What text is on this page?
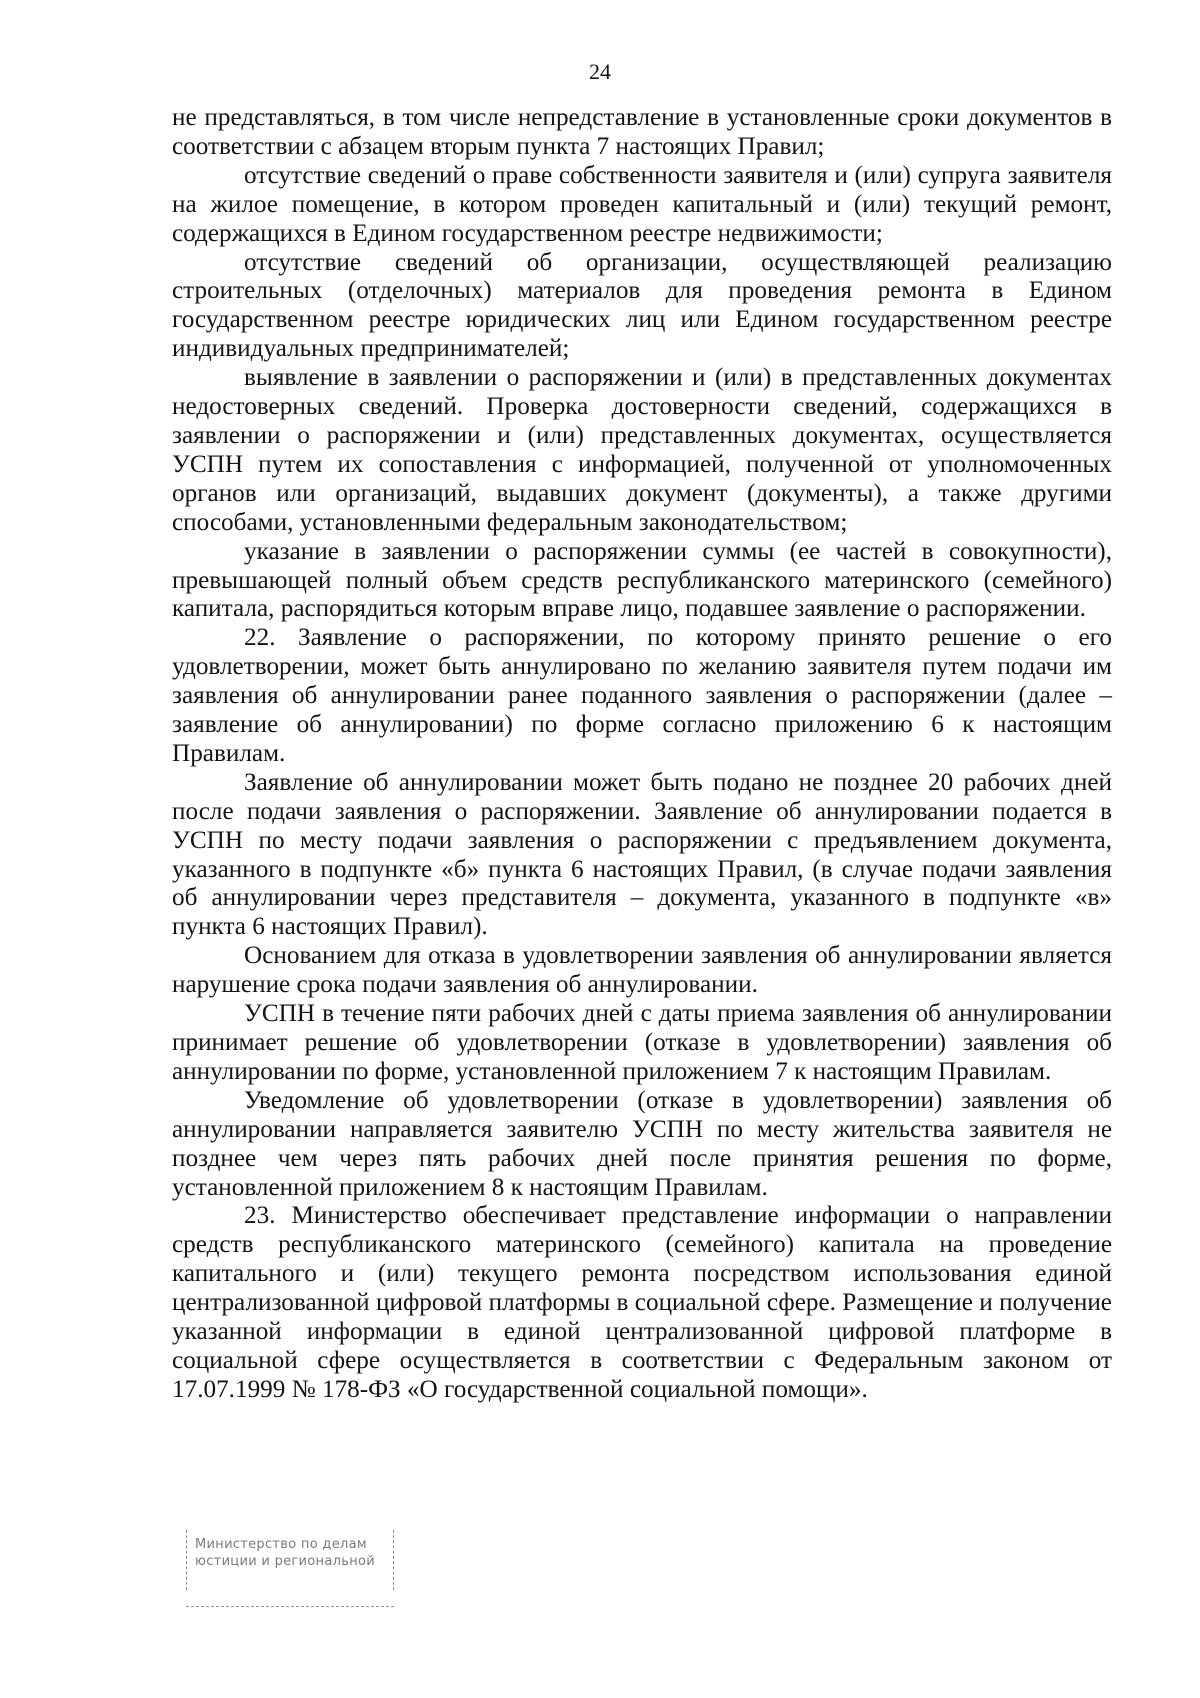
24

не представляться, в том числе непредставление в установленные сроки документов в соответствии с абзацем вторым пункта 7 настоящих Правил;

отсутствие сведений о праве собственности заявителя и (или) супруга заявителя на жилое помещение, в котором проведен капитальный и (или) текущий ремонт, содержащихся в Едином государственном реестре недвижимости;

отсутствие сведений об организации, осуществляющей реализацию строительных (отделочных) материалов для проведения ремонта в Едином государственном реестре юридических лиц или Едином государственном реестре индивидуальных предпринимателей;

выявление в заявлении о распоряжении и (или) в представленных документах недостоверных сведений. Проверка достоверности сведений, содержащихся в заявлении о распоряжении и (или) представленных документах, осуществляется УСПН путем их сопоставления с информацией, полученной от уполномоченных органов или организаций, выдавших документ (документы), а также другими способами, установленными федеральным законодательством;

указание в заявлении о распоряжении суммы (ее частей в совокупности), превышающей полный объем средств республиканского материнского (семейного) капитала, распорядиться которым вправе лицо, подавшее заявление о распоряжении.

22. Заявление о распоряжении, по которому принято решение о его удовлетворении, может быть аннулировано по желанию заявителя путем подачи им заявления об аннулировании ранее поданного заявления о распоряжении (далее – заявление об аннулировании) по форме согласно приложению 6 к настоящим Правилам.

Заявление об аннулировании может быть подано не позднее 20 рабочих дней после подачи заявления о распоряжении. Заявление об аннулировании подается в УСПН по месту подачи заявления о распоряжении с предъявлением документа, указанного в подпункте «б» пункта 6 настоящих Правил, (в случае подачи заявления об аннулировании через представителя – документа, указанного в подпункте «в» пункта 6 настоящих Правил).

Основанием для отказа в удовлетворении заявления об аннулировании является нарушение срока подачи заявления об аннулировании.

УСПН в течение пяти рабочих дней с даты приема заявления об аннулировании принимает решение об удовлетворении (отказе в удовлетворении) заявления об аннулировании по форме, установленной приложением 7 к настоящим Правилам.

Уведомление об удовлетворении (отказе в удовлетворении) заявления об аннулировании направляется заявителю УСПН по месту жительства заявителя не позднее чем через пять рабочих дней после принятия решения по форме, установленной приложением 8 к настоящим Правилам.

23. Министерство обеспечивает представление информации о направлении средств республиканского материнского (семейного) капитала на проведение капитального и (или) текущего ремонта посредством использования единой централизованной цифровой платформы в социальной сфере. Размещение и получение указанной информации в единой централизованной цифровой платформе в социальной сфере осуществляется в соответствии с Федеральным законом от 17.07.1999 № 178-ФЗ «О государственной социальной помощи».

Министерство по делам
юстиции и региональной
